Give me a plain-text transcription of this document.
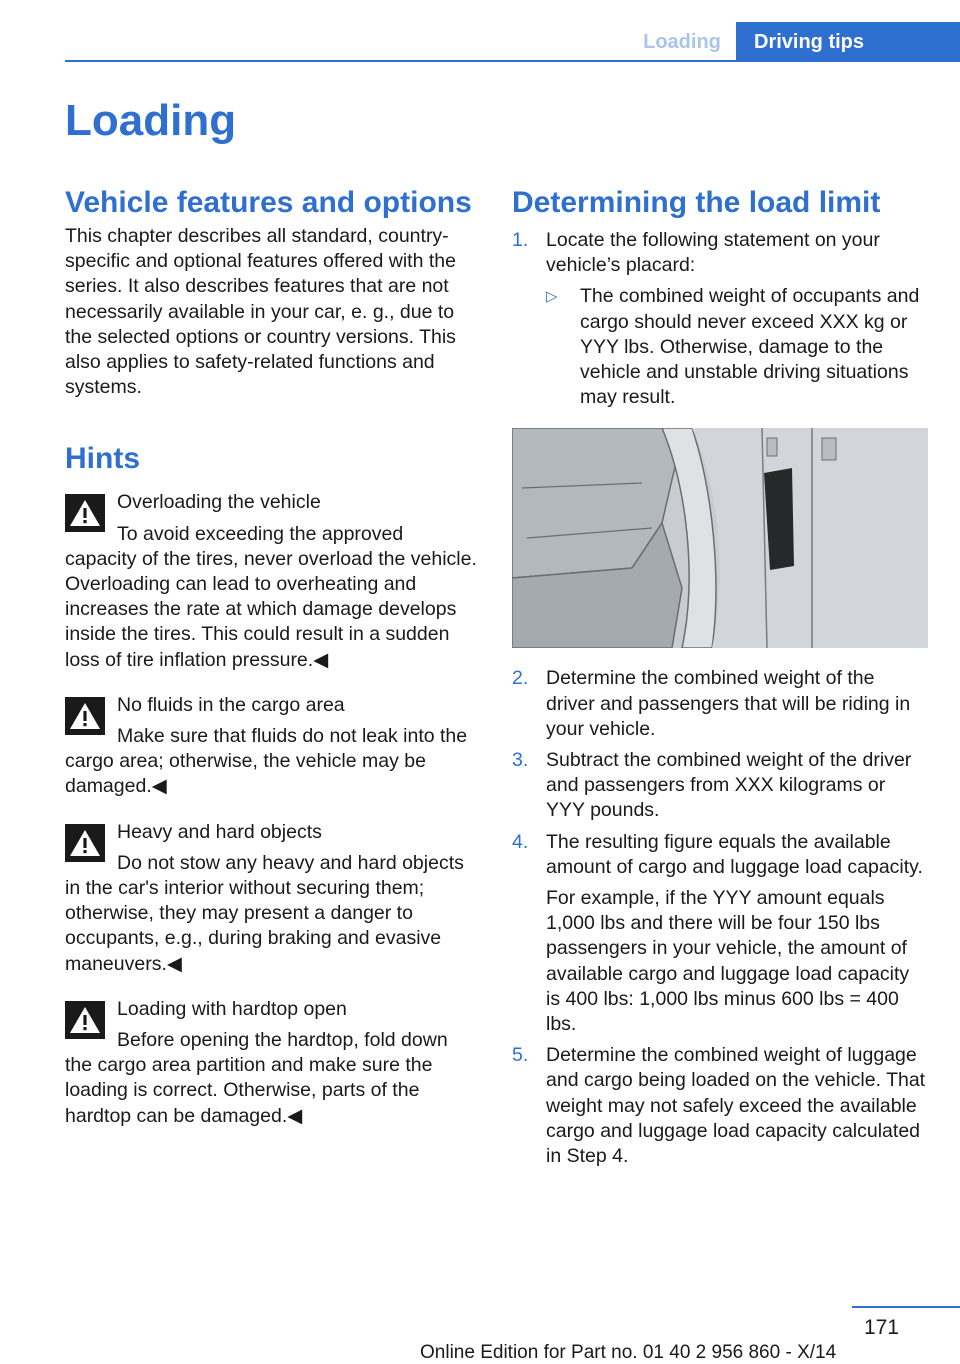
Loading	Driving tips
Loading
Vehicle features and options

This chapter describes all standard, country-specific and optional features offered with the series. It also describes features that are not necessarily available in your car, e. g., due to the selected options or country versions. This also applies to safety-related functions and systems.

Hints

Overloading the vehicle

To avoid exceeding the approved capacity of the tires, never overload the vehicle. Overloading can lead to overheating and increases the rate at which damage develops inside the tires. This could result in a sudden loss of tire inflation pressure.◀

No fluids in the cargo area

Make sure that fluids do not leak into the cargo area; otherwise, the vehicle may be damaged.◀

Heavy and hard objects

Do not stow any heavy and hard objects in the car's interior without securing them; otherwise, they may present a danger to occupants, e.g., during braking and evasive maneuvers.◀

Loading with hardtop open

Before opening the hardtop, fold down the cargo area partition and make sure the loading is correct. Otherwise, parts of the hardtop can be damaged.◀

Determining the load limit
1. Locate the following statement on your vehicle’s placard:
▷ The combined weight of occupants and cargo should never exceed XXX kg or YYY lbs. Otherwise, damage to the vehicle and unstable driving situations may result.
2. Determine the combined weight of the driver and passengers that will be riding in your vehicle.
3. Subtract the combined weight of the driver and passengers from XXX kilograms or YYY pounds.
4. The resulting figure equals the available amount of cargo and luggage load capacity.
For example, if the YYY amount equals 1,000 lbs and there will be four 150 lbs passengers in your vehicle, the amount of available cargo and luggage load capacity is 400 lbs: 1,000 lbs minus 600 lbs = 400 lbs.
5. Determine the combined weight of luggage and cargo being loaded on the vehicle. That weight may not safely exceed the available cargo and luggage load capacity calculated in Step 4.
171
Online Edition for Part no. 01 40 2 956 860 - X/14
